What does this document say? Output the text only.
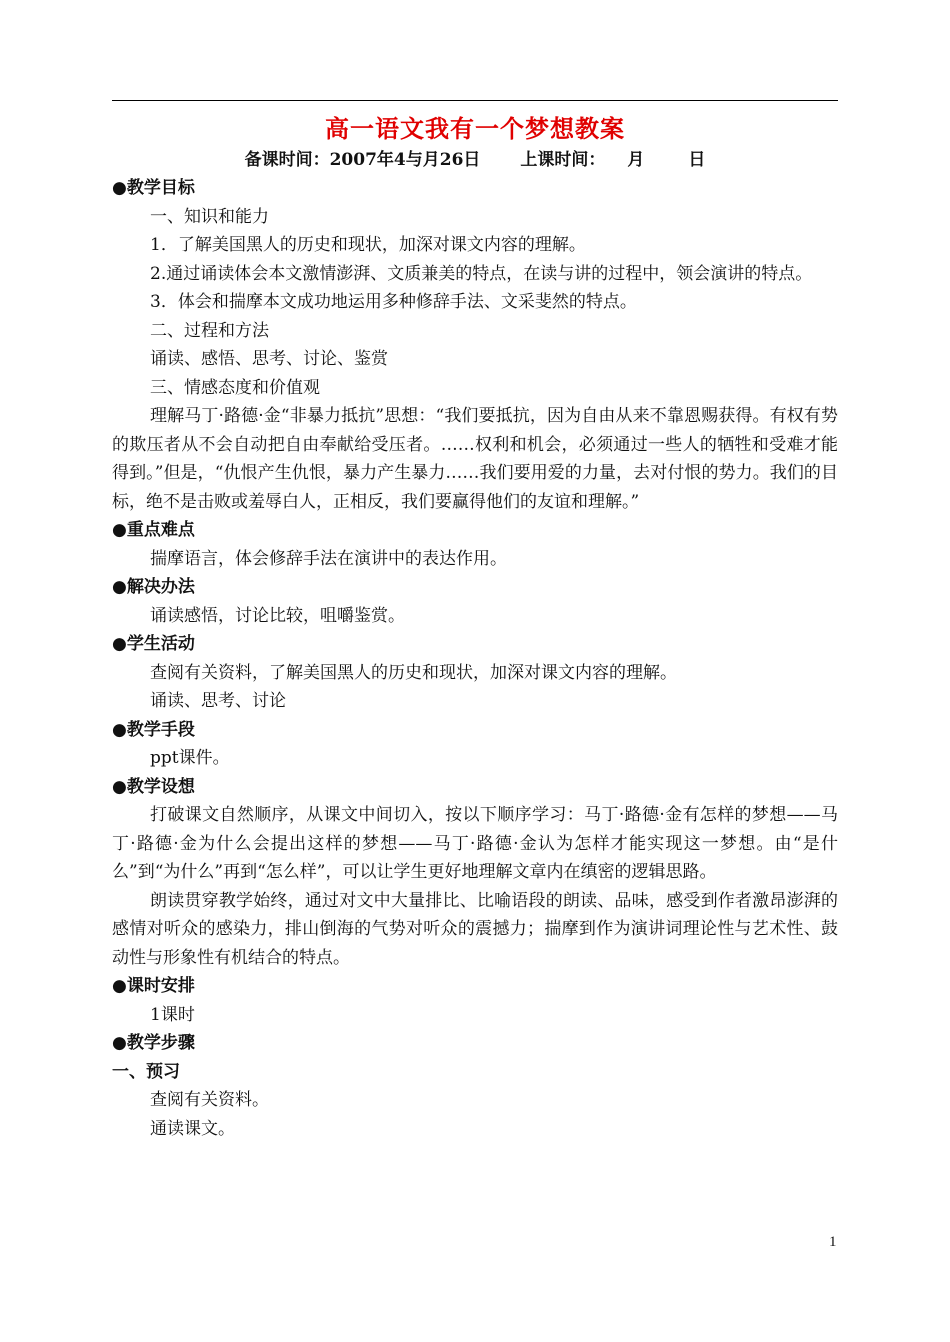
高一语文我有一个梦想教案
备课时间：2007年4与月26日 上课时间： 月	日
●教学目标
一、知识和能力
1．了解美国黑人的历史和现状，加深对课文内容的理解。
2.通过诵读体会本文激情澎湃、文质兼美的特点，在读与讲的过程中，领会演讲的特点。
3．体会和揣摩本文成功地运用多种修辞手法、文采斐然的特点。
二、过程和方法
诵读、感悟、思考、讨论、鉴赏
三、情感态度和价值观
理解马丁·路德·金“非暴力抵抗”思想：“我们要抵抗，因为自由从来不靠恩赐获得。有权有势的欺压者从不会自动把自由奉献给受压者。……权利和机会，必须通过一些人的牺牲和受难才能得到。”但是，“仇恨产生仇恨，暴力产生暴力……我们要用爱的力量，去对付恨的势力。我们的目标，绝不是击败或羞辱白人，正相反，我们要赢得他们的友谊和理解。”
●重点难点
揣摩语言，体会修辞手法在演讲中的表达作用。
●解决办法
诵读感悟，讨论比较，咀嚼鉴赏。
●学生活动
查阅有关资料，了解美国黑人的历史和现状，加深对课文内容的理解。
诵读、思考、讨论
●教学手段
ppt课件。
●教学设想
打破课文自然顺序，从课文中间切入，按以下顺序学习：马丁·路德·金有怎样的梦想——马丁·路德·金为什么会提出这样的梦想——马丁·路德·金认为怎样才能实现这一梦想。由“是什么”到“为什么”再到“怎么样”，可以让学生更好地理解文章内在缜密的逻辑思路。
朗读贯穿教学始终，通过对文中大量排比、比喻语段的朗读、品味，感受到作者激昂澎湃的感情对听众的感染力，排山倒海的气势对听众的震撼力；揣摩到作为演讲词理论性与艺术性、鼓动性与形象性有机结合的特点。
●课时安排
1课时
●教学步骤
一、预习
查阅有关资料。
通读课文。
1
